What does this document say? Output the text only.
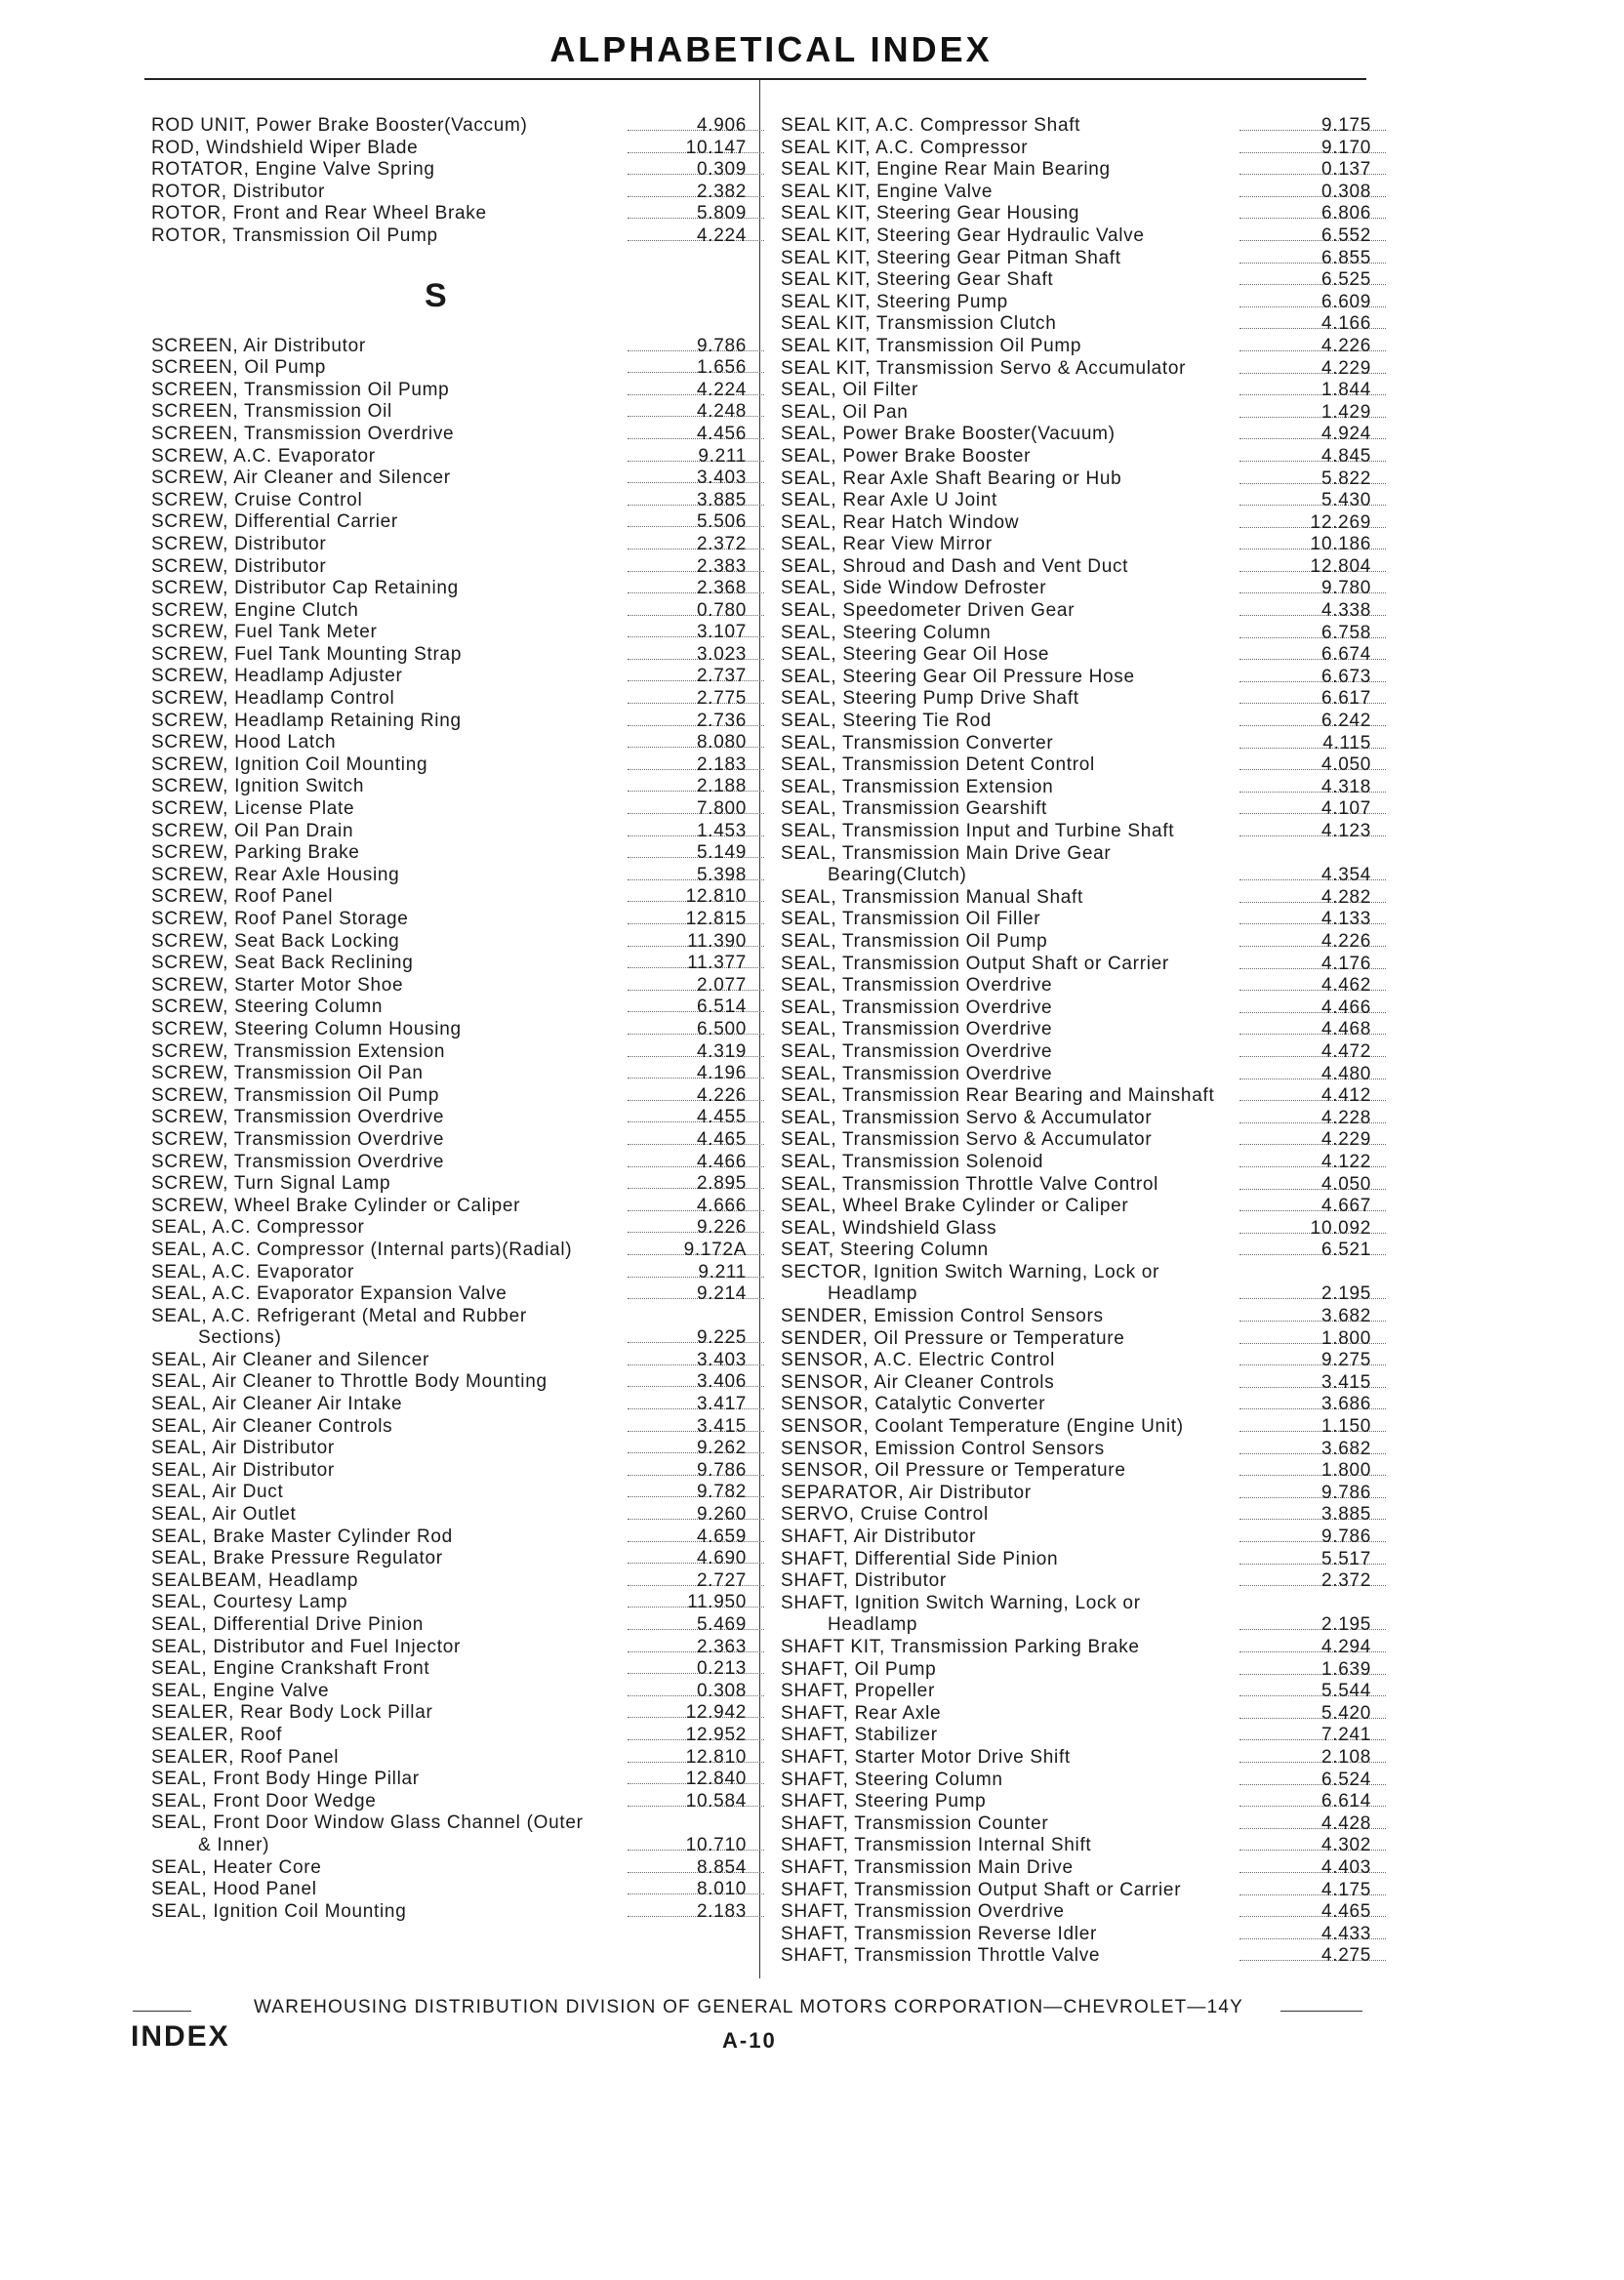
ALPHABETICAL INDEX
ROD UNIT, Power Brake Booster(Vaccum)	4.906
ROD, Windshield Wiper Blade	10.147
ROTATOR, Engine Valve Spring	0.309
ROTOR, Distributor	2.382
ROTOR, Front and Rear Wheel Brake	5.809
ROTOR, Transmission Oil Pump	4.224
S
SCREEN, Air Distributor	9.786
SCREEN, Oil Pump	1.656
SCREEN, Transmission Oil Pump	4.224
SCREEN, Transmission Oil	4.248
SCREEN, Transmission Overdrive	4.456
SCREW, A.C. Evaporator	9.211
SCREW, Air Cleaner and Silencer	3.403
SCREW, Cruise Control	3.885
SCREW, Differential Carrier	5.506
SCREW, Distributor	2.372
SCREW, Distributor	2.383
SCREW, Distributor Cap Retaining	2.368
SCREW, Engine Clutch	0.780
SCREW, Fuel Tank Meter	3.107
SCREW, Fuel Tank Mounting Strap	3.023
SCREW, Headlamp Adjuster	2.737
SCREW, Headlamp Control	2.775
SCREW, Headlamp Retaining Ring	2.736
SCREW, Hood Latch	8.080
SCREW, Ignition Coil Mounting	2.183
SCREW, Ignition Switch	2.188
SCREW, License Plate	7.800
SCREW, Oil Pan Drain	1.453
SCREW, Parking Brake	5.149
SCREW, Rear Axle Housing	5.398
SCREW, Roof Panel	12.810
SCREW, Roof Panel Storage	12.815
SCREW, Seat Back Locking	11.390
SCREW, Seat Back Reclining	11.377
SCREW, Starter Motor Shoe	2.077
SCREW, Steering Column	6.514
SCREW, Steering Column Housing	6.500
SCREW, Transmission Extension	4.319
SCREW, Transmission Oil Pan	4.196
SCREW, Transmission Oil Pump	4.226
SCREW, Transmission Overdrive	4.455
SCREW, Transmission Overdrive	4.465
SCREW, Transmission Overdrive	4.466
SCREW, Turn Signal Lamp	2.895
SCREW, Wheel Brake Cylinder or Caliper	4.666
SEAL, A.C. Compressor	9.226
SEAL, A.C. Compressor (Internal parts)(Radial)	9.172A
SEAL, A.C. Evaporator	9.211
SEAL, A.C. Evaporator Expansion Valve	9.214
SEAL, A.C. Refrigerant (Metal and Rubber
Sections)	9.225
SEAL, Air Cleaner and Silencer	3.403
SEAL, Air Cleaner to Throttle Body Mounting	3.406
SEAL, Air Cleaner Air Intake	3.417
SEAL, Air Cleaner Controls	3.415
SEAL, Air Distributor	9.262
SEAL, Air Distributor	9.786
SEAL, Air Duct	9.782
SEAL, Air Outlet	9.260
SEAL, Brake Master Cylinder Rod	4.659
SEAL, Brake Pressure Regulator	4.690
SEALBEAM, Headlamp	2.727
SEAL, Courtesy Lamp	11.950
SEAL, Differential Drive Pinion	5.469
SEAL, Distributor and Fuel Injector	2.363
SEAL, Engine Crankshaft Front	0.213
SEAL, Engine Valve	0.308
SEALER, Rear Body Lock Pillar	12.942
SEALER, Roof	12.952
SEALER, Roof Panel	12.810
SEAL, Front Body Hinge Pillar	12.840
SEAL, Front Door Wedge	10.584
SEAL, Front Door Window Glass Channel (Outer
& Inner)	10.710
SEAL, Heater Core	8.854
SEAL, Hood Panel	8.010
SEAL, Ignition Coil Mounting	2.183
SEAL KIT, A.C. Compressor Shaft	9.175
SEAL KIT, A.C. Compressor	9.170
SEAL KIT, Engine Rear Main Bearing	0.137
SEAL KIT, Engine Valve	0.308
SEAL KIT, Steering Gear Housing	6.806
SEAL KIT, Steering Gear Hydraulic Valve	6.552
SEAL KIT, Steering Gear Pitman Shaft	6.855
SEAL KIT, Steering Gear Shaft	6.525
SEAL KIT, Steering Pump	6.609
SEAL KIT, Transmission Clutch	4.166
SEAL KIT, Transmission Oil Pump	4.226
SEAL KIT, Transmission Servo & Accumulator	4.229
SEAL, Oil Filter	1.844
SEAL, Oil Pan	1.429
SEAL, Power Brake Booster(Vacuum)	4.924
SEAL, Power Brake Booster	4.845
SEAL, Rear Axle Shaft Bearing or Hub	5.822
SEAL, Rear Axle U Joint	5.430
SEAL, Rear Hatch Window	12.269
SEAL, Rear View Mirror	10.186
SEAL, Shroud and Dash and Vent Duct	12.804
SEAL, Side Window Defroster	9.780
SEAL, Speedometer Driven Gear	4.338
SEAL, Steering Column	6.758
SEAL, Steering Gear Oil Hose	6.674
SEAL, Steering Gear Oil Pressure Hose	6.673
SEAL, Steering Pump Drive Shaft	6.617
SEAL, Steering Tie Rod	6.242
SEAL, Transmission Converter	4.115
SEAL, Transmission Detent Control	4.050
SEAL, Transmission Extension	4.318
SEAL, Transmission Gearshift	4.107
SEAL, Transmission Input and Turbine Shaft	4.123
SEAL, Transmission Main Drive Gear
Bearing(Clutch)	4.354
SEAL, Transmission Manual Shaft	4.282
SEAL, Transmission Oil Filler	4.133
SEAL, Transmission Oil Pump	4.226
SEAL, Transmission Output Shaft or Carrier	4.176
SEAL, Transmission Overdrive	4.462
SEAL, Transmission Overdrive	4.466
SEAL, Transmission Overdrive	4.468
SEAL, Transmission Overdrive	4.472
SEAL, Transmission Overdrive	4.480
SEAL, Transmission Rear Bearing and Mainshaft	4.412
SEAL, Transmission Servo & Accumulator	4.228
SEAL, Transmission Servo & Accumulator	4.229
SEAL, Transmission Solenoid	4.122
SEAL, Transmission Throttle Valve Control	4.050
SEAL, Wheel Brake Cylinder or Caliper	4.667
SEAL, Windshield Glass	10.092
SEAT, Steering Column	6.521
SECTOR, Ignition Switch Warning, Lock or
Headlamp	2.195
SENDER, Emission Control Sensors	3.682
SENDER, Oil Pressure or Temperature	1.800
SENSOR, A.C. Electric Control	9.275
SENSOR, Air Cleaner Controls	3.415
SENSOR, Catalytic Converter	3.686
SENSOR, Coolant Temperature (Engine Unit)	1.150
SENSOR, Emission Control Sensors	3.682
SENSOR, Oil Pressure or Temperature	1.800
SEPARATOR, Air Distributor	9.786
SERVO, Cruise Control	3.885
SHAFT, Air Distributor	9.786
SHAFT, Differential Side Pinion	5.517
SHAFT, Distributor	2.372
SHAFT, Ignition Switch Warning, Lock or
Headlamp	2.195
SHAFT KIT, Transmission Parking Brake	4.294
SHAFT, Oil Pump	1.639
SHAFT, Propeller	5.544
SHAFT, Rear Axle	5.420
SHAFT, Stabilizer	7.241
SHAFT, Starter Motor Drive Shift	2.108
SHAFT, Steering Column	6.524
SHAFT, Steering Pump	6.614
SHAFT, Transmission Counter	4.428
SHAFT, Transmission Internal Shift	4.302
SHAFT, Transmission Main Drive	4.403
SHAFT, Transmission Output Shaft or Carrier	4.175
SHAFT, Transmission Overdrive	4.465
SHAFT, Transmission Reverse Idler	4.433
SHAFT, Transmission Throttle Valve	4.275
WAREHOUSING DISTRIBUTION DIVISION OF GENERAL MOTORS CORPORATION—CHEVROLET—14Y
INDEX	A-10
